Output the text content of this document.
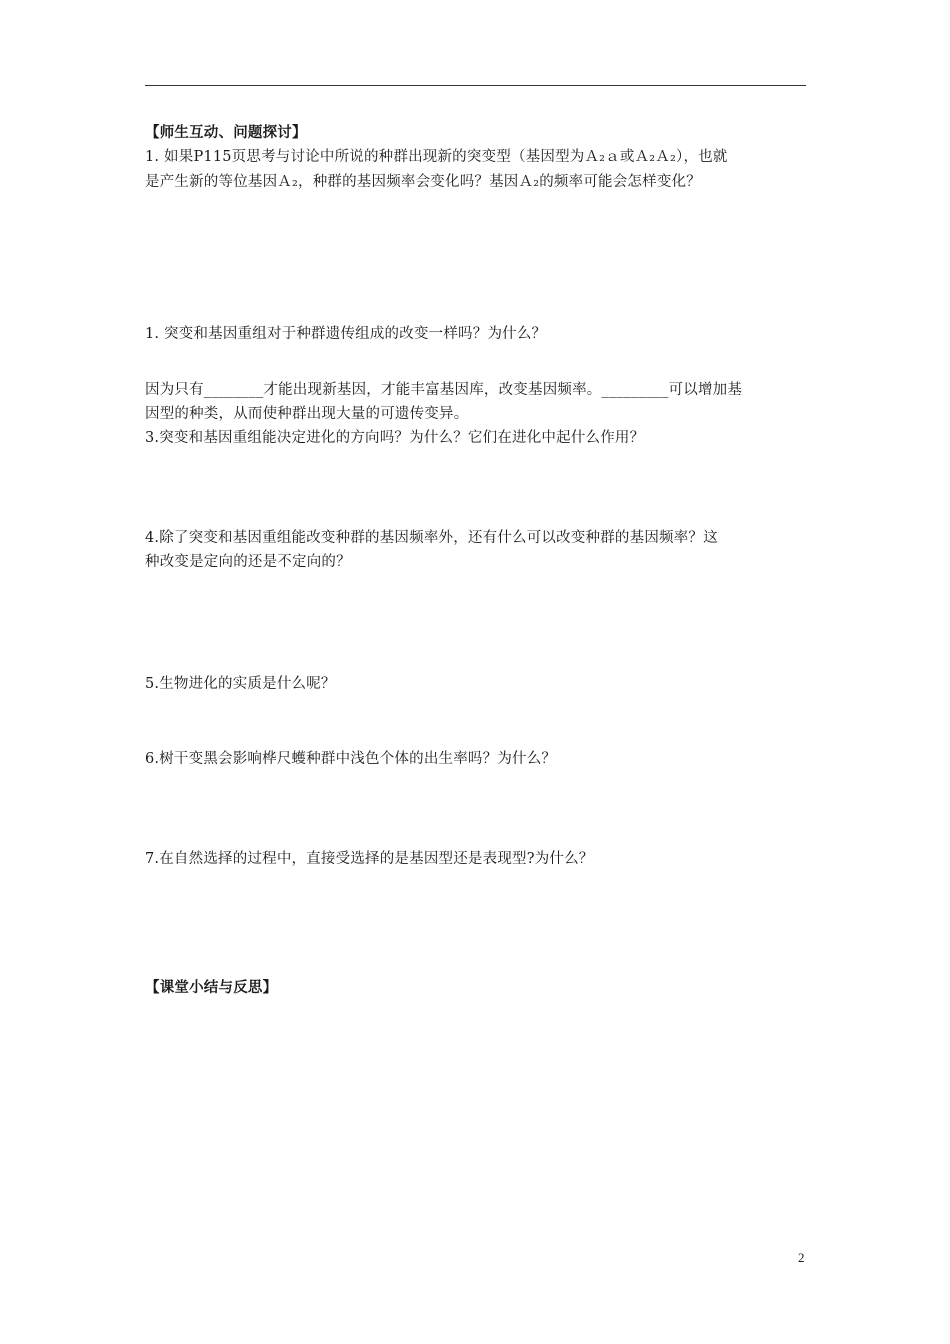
【师生互动、问题探讨】
1. 如果P115页思考与讨论中所说的种群出现新的突变型（基因型为Ａ₂ａ或Ａ₂Ａ₂），也就
是产生新的等位基因Ａ₂，种群的基因频率会变化吗？基因Ａ₂的频率可能会怎样变化？
1. 突变和基因重组对于种群遗传组成的改变一样吗？为什么？
因为只有________才能出现新基因，才能丰富基因库，改变基因频率。_________可以增加基
因型的种类，从而使种群出现大量的可遗传变异。
3.突变和基因重组能决定进化的方向吗？为什么？它们在进化中起什么作用？
4.除了突变和基因重组能改变种群的基因频率外，还有什么可以改变种群的基因频率？这
种改变是定向的还是不定向的？
5.生物进化的实质是什么呢？
6.树干变黑会影响桦尺蠖种群中浅色个体的出生率吗？为什么？
7.在自然选择的过程中，直接受选择的是基因型还是表现型?为什么？
【课堂小结与反思】
2
